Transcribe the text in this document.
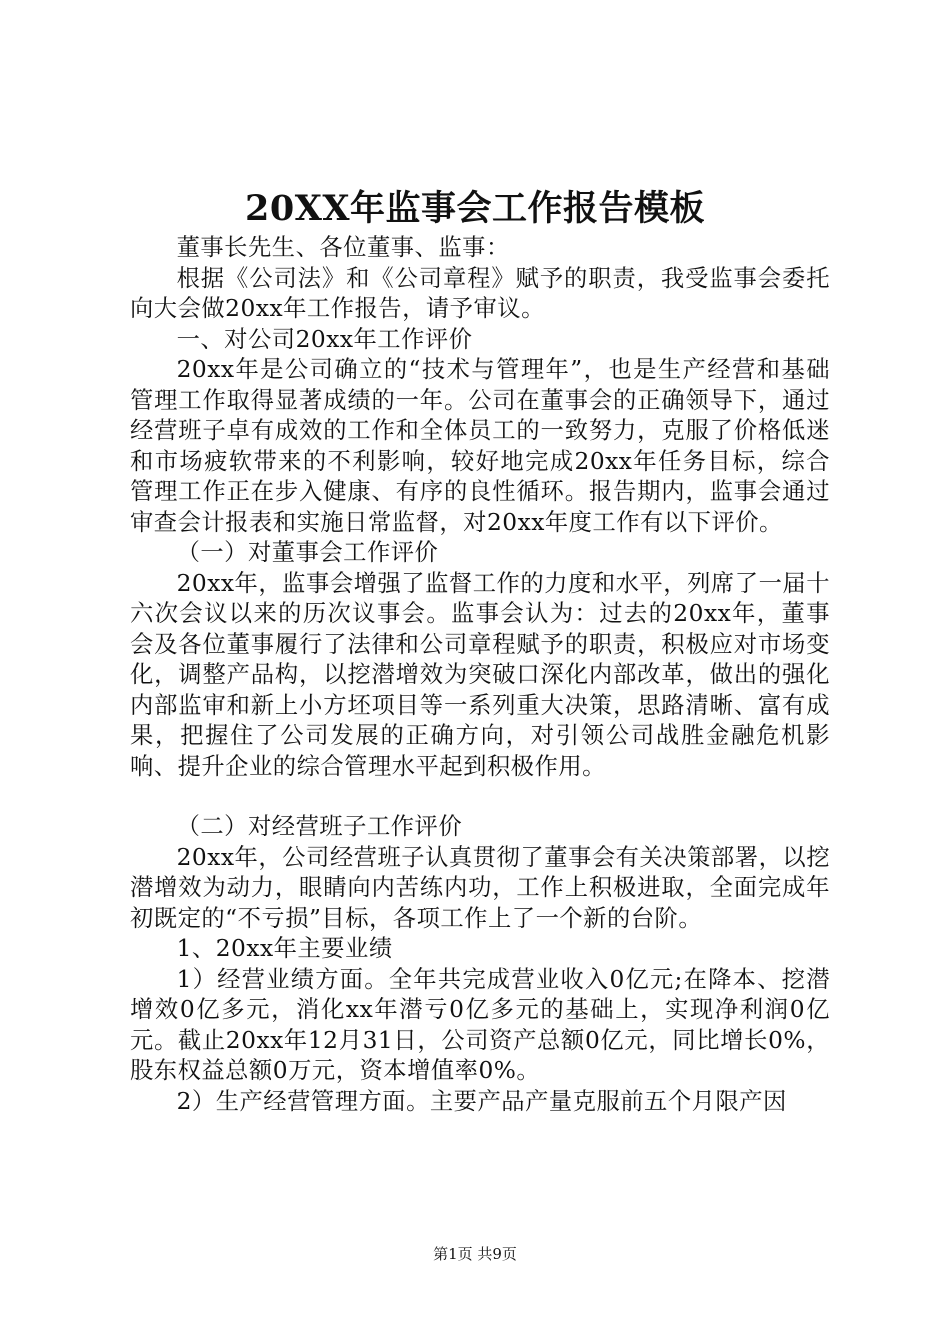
20XX年监事会工作报告模板

董事长先生、各位董事、监事：

根据《公司法》和《公司章程》赋予的职责，我受监事会委托向大会做20xx年工作报告，请予审议。

一、对公司20xx年工作评价

20xx年是公司确立的“技术与管理年”，也是生产经营和基础管理工作取得显著成绩的一年。公司在董事会的正确领导下，通过经营班子卓有成效的工作和全体员工的一致努力，克服了价格低迷和市场疲软带来的不利影响，较好地完成20xx年任务目标，综合管理工作正在步入健康、有序的良性循环。报告期内，监事会通过审查会计报表和实施日常监督，对20xx年度工作有以下评价。

（一）对董事会工作评价

20xx年，监事会增强了监督工作的力度和水平，列席了一届十六次会议以来的历次议事会。监事会认为：过去的20xx年，董事会及各位董事履行了法律和公司章程赋予的职责，积极应对市场变化，调整产品构，以挖潜增效为突破口深化内部改革，做出的强化内部监审和新上小方坯项目等一系列重大决策，思路清晰、富有成果，把握住了公司发展的正确方向，对引领公司战胜金融危机影响、提升企业的综合管理水平起到积极作用。

（二）对经营班子工作评价

20xx年，公司经营班子认真贯彻了董事会有关决策部署，以挖潜增效为动力，眼睛向内苦练内功，工作上积极进取，全面完成年初既定的“不亏损”目标，各项工作上了一个新的台阶。

1、20xx年主要业绩

1）经营业绩方面。全年共完成营业收入0亿元;在降本、挖潜增效0亿多元，消化xx年潜亏0亿多元的基础上，实现净利润0亿元。截止20xx年12月31日，公司资产总额0亿元，同比增长0%，股东权益总额0万元，资本增值率0%。

2）生产经营管理方面。主要产品产量克服前五个月限产因

第1页 共9页
